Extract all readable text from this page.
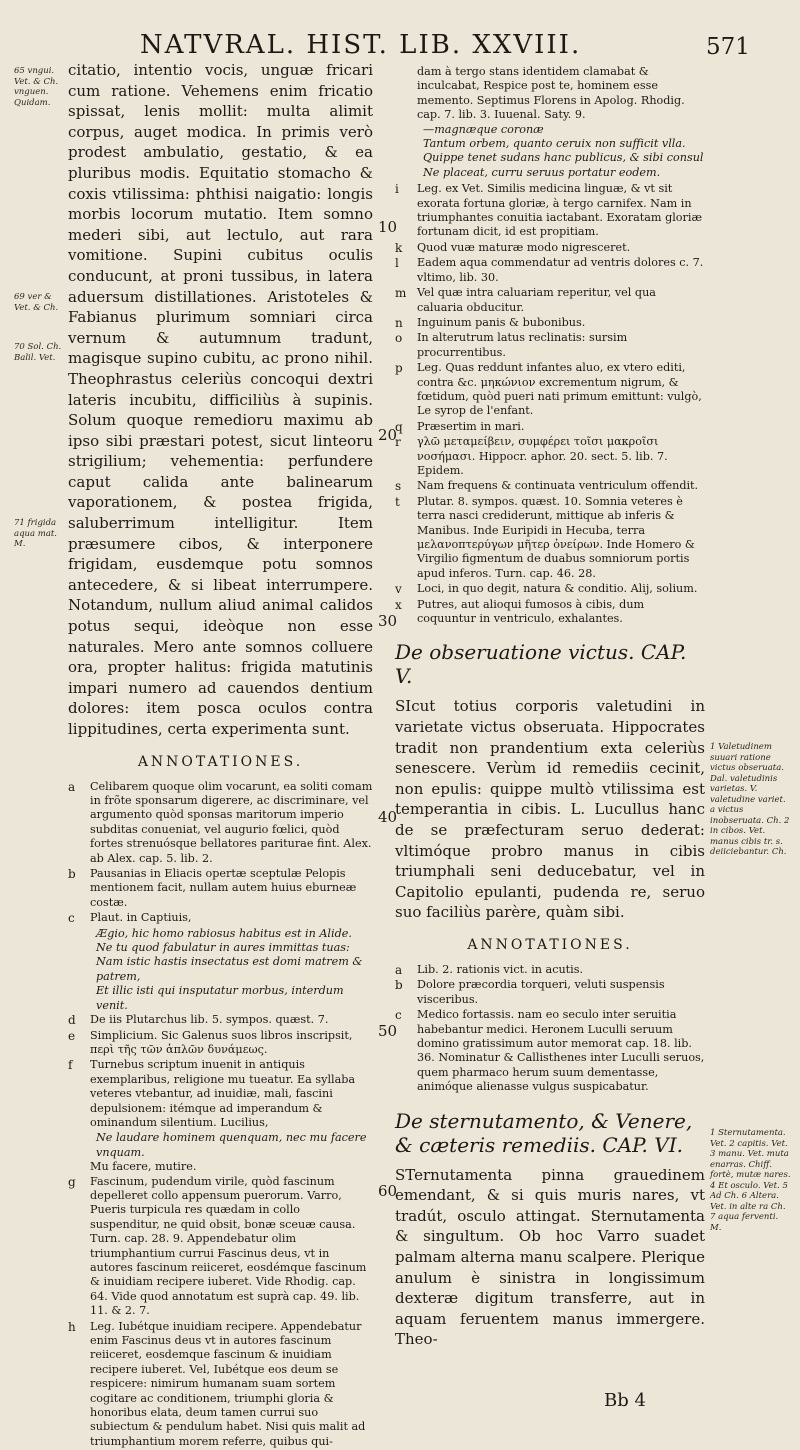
NATVRAL. HIST. LIB. XXVIII.	571
65 vngui. Vet. & Ch. vnguen. Quidam.
69 ver & Vet. & Ch.
70 Sol. Ch. Balil. Vet.
71 frigida aqua mat. M.
10
20
30
40
50
60

citatio, intentio vocis, unguæ fricari cum ratione. Vehemens enim fricatio spissat, lenis mollit: multa alimit corpus, auget modica. In primis verò prodest ambulatio, gestatio, & ea pluribus modis. Equitatio stomacho & coxis vtilissima: phthisi naigatio: longis morbis locorum mutatio. Item somno mederi sibi, aut lectulo, aut rara vomitione. Supini cubitus oculis conducunt, at proni tussibus, in latera aduersum distillationes. Aristoteles & Fabianus plurimum somniari circa vernum & autumnum tradunt, magisque supino cubitu, ac prono nihil. Theophrastus celeriùs concoqui dextri lateris incubitu, difficiliùs à supinis. Solum quoque remedioru maximu ab ipso sibi præstari potest, sicut linteoru strigilium; vehementia: perfundere caput calida ante balinearum vaporationem, & postea frigida, saluberrimum intelligitur. Item præsumere cibos, & interponere frigidam, eusdemque potu somnos antecedere, & si libeat interrumpere. Notandum, nullum aliud animal calidos potus sequi, ideòque non esse naturales. Mero ante somnos colluere ora, propter halitus: frigida matutinis impari numero ad cauendos dentium dolores: item posca oculos contra lippitudines, certa experimenta sunt.

ANNOTATIONES.
a	Celibarem quoque olim vocarunt, ea soliti comam in frõte sponsarum digerere, ac discriminare, vel argumento quòd sponsas maritorum imperio subditas conueniat, vel augurio fœlici, quòd fortes strenuósque bellatores pariturae fint. Alex. ab Alex. cap. 5. lib. 2.
b	Pausanias in Eliacis opertæ sceptulæ Pelopis mentionem facit, nullam autem huius eburneæ costæ.
c	Plaut. in Captiuis,

Ægio, hic homo rabiosus habitus est in Alide.

Ne tu quod fabulatur in aures immittas tuas: Nam istic hastis insectatus est domi matrem & patrem,

Et illic isti qui insputatur morbus, interdum venit.

d	De iis Plutarchus lib. 5. sympos. quæst. 7.
e	Simplicium. Sic Galenus suos libros inscripsit, περὶ τῆς τῶν ἁπλῶν δυνάμεως.
f	Turnebus scriptum inuenit in antiquis exemplaribus, religione mu tueatur. Ea syllaba veteres vtebantur, ad inuidiæ, mali, fascini depulsionem: itémque ad imperandum & ominandum silentium. Lucilius,

Ne laudare hominem quenquam, nec mu facere vnquam.

Mu facere, mutire.

g	Fascinum, pudendum virile, quòd fascinum depelleret collo appensum puerorum. Varro, Pueris turpicula res quædam in collo suspenditur, ne quid obsit, bonæ sceuæ causa. Turn. cap. 28. 9. Appendebatur olim triumphantium currui Fascinus deus, vt in autores fascinum reiiceret, eosdémque fascinum & inuidiam recipere iuberet. Vide Rhodig. cap. 64. Vide quod annotatum est suprà cap. 49. lib. 11. & 2. 7.
h	Leg. Iubétque inuidiam recipere. Appendebatur enim Fascinus deus vt in autores fascinum reiiceret, eosdemque fascinum & inuidiam recipere iuberet. Vel, Iubétque eos deum se respicere: nimirum humanam suam sortem cogitare ac conditionem, triumphi gloria & honoribus elata, deum tamen currui suo subiectum & pendulum habet. Nisi quis malit ad triumphantium morem referre, quibus qui-

dam à tergo stans identidem clamabat & inculcabat, Respice post te, hominem esse memento. Septimus Florens in Apolog. Rhodig. cap. 7. lib. 3. Iuuenal. Saty. 9.

—magnæque coronæ

Tantum orbem, quanto ceruix non sufficit vlla.

Quippe tenet sudans hanc publicus, & sibi consul

Ne placeat, curru seruus portatur eodem.

i	Leg. ex Vet. Similis medicina linguæ, & vt sit exorata fortuna gloriæ, à tergo carnifex. Nam in triumphantes conuitia iactabant. Exoratam gloriæ fortunam dicit, id est propitiam.
k	Quod vuæ maturæ modo nigresceret.
l	Eadem aqua commendatur ad ventris dolores c. 7. vltimo, lib. 30.
m Vel quæ intra caluariam reperitur, vel qua caluaria obducitur.
n	Inguinum panis & bubonibus.
o	In alterutrum latus reclinatis: sursim procurrentibus.
p	Leg. Quas reddunt infantes aluo, ex vtero editi, contra &c. μηκώνιον excrementum nigrum, & fœtidum, quòd pueri nati primum emittunt: vulgò, Le syrop de l'enfant.
q	Præsertim in mari.
r	γλῶ μεταμείβειν, συμφέρει τοῖσι μακροῖσι νοσήμασι. Hippocr. aphor. 20. sect. 5. lib. 7. Epidem.
s	Nam frequens & continuata ventriculum offendit.
t	Plutar. 8. sympos. quæst. 10. Somnia veteres è terra nasci crediderunt, mittique ab inferis & Manibus. Inde Euripidi in Hecuba, terra μελανοπτερύγων μῆτερ ὀνείρων. Inde Homero & Virgilio figmentum de duabus somniorum portis apud inferos. Turn. cap. 46. 28.
v	Loci, in quo degit, natura & conditio. Alij, solium.
x	Putres, aut alioqui fumosos à cibis, dum coquuntur in ventriculo, exhalantes.
De obseruatione victus. CAP. V.

SIcut totius corporis valetudini in varietate victus obseruata. Hippocrates tradit non prandentium exta celeriùs senescere. Verùm id remediis cecinit, non epulis: quippe multò vtilissima est temperantia in cibis. L. Lucullus hanc de se præfecturam seruo dederat: vltimóque probro manus in cibis triumphali seni deducebatur, vel in Capitolio epulanti, pudenda re, seruo suo faciliùs parère, quàm sibi.

ANNOTATIONES.
a	Lib. 2. rationis vict. in acutis.
b	Dolore præcordia torqueri, veluti suspensis visceribus.
c	Medico fortassis. nam eo seculo inter seruitia habebantur medici. Heronem Luculli seruum domino gratissimum autor memorat cap. 18. lib. 36. Nominatur & Callisthenes inter Luculli seruos, quem pharmaco herum suum dementasse, animóque alienasse vulgus suspicabatur.
De sternutamento, & Venere, & cæteris remediis. CAP. VI.

STernutamenta pinna grauedinem emendant, & si quis muris nares, vt tradút, osculo attingat. Sternutamenta & singultum. Ob hoc Varro suadet palmam alterna manu scalpere. Plerique anulum è sinistra in longissimum dexteræ digitum transferre, aut in aquam feruentem manus immergere. Theo-

1 Valetudinem suuari ratione victus obseruata. Dal. valetudinis varietas. V. valetudine variet. a victus inobseruata. Ch. 2 in cibos. Vet. manus cibis tr. s. deiiciebantur. Ch.
1 Sternutamenta. Vet. 2 capitis. Vet. 3 manu. Vet. muta enarras. Chiff. fortè, mutæ nares. 4 Et osculo. Vet. 5 Ad Ch. 6 Altera. Vet. in alte ra Ch. 7 aqua ferventi. M.
Bb 4
